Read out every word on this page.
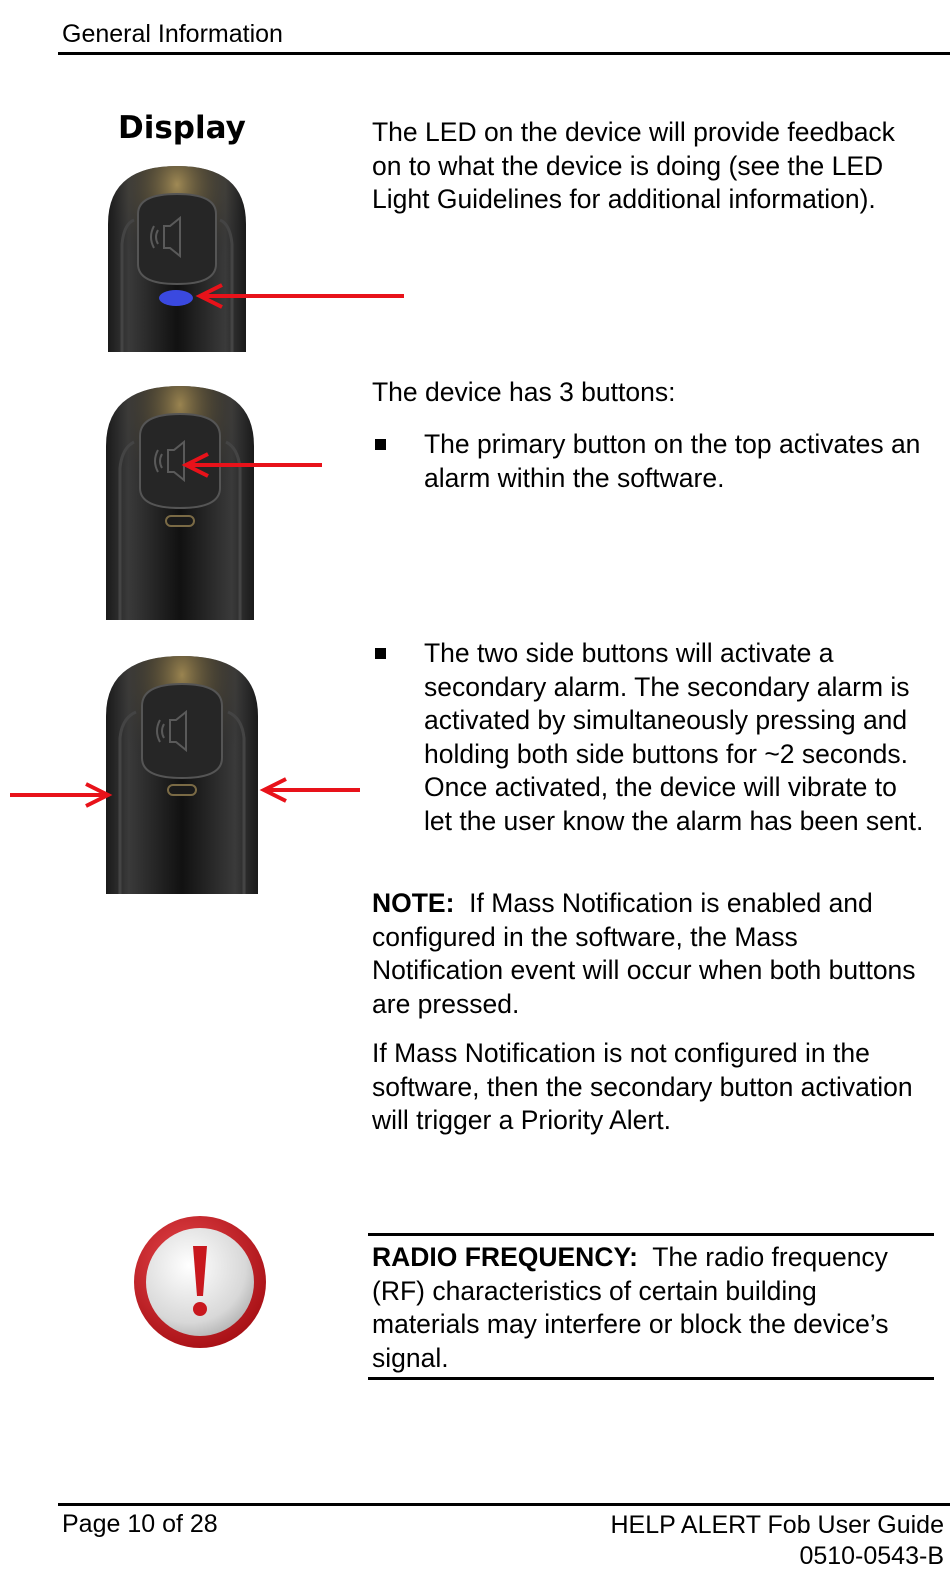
General Information
Display	The LED on the device will provide feedback on to what the device is doing (see the LED Light Guidelines for additional information).
The device has 3 buttons:
The primary button on the top activates an alarm within the software.
The two side buttons will activate a secondary alarm. The secondary alarm is activated by simultaneously pressing and holding both side buttons for ~2 seconds. Once activated, the device will vibrate to let the user know the alarm has been sent.
NOTE: If Mass Notification is enabled and configured in the software, the Mass Notification event will occur when both buttons are pressed.
If Mass Notification is not configured in the software, then the secondary button activation will trigger a Priority Alert.
RADIO FREQUENCY: The radio frequency (RF) characteristics of certain building materials may interfere or block the device’s signal.
Page 10 of 28	HELP ALERT Fob User Guide
0510-0543-B
